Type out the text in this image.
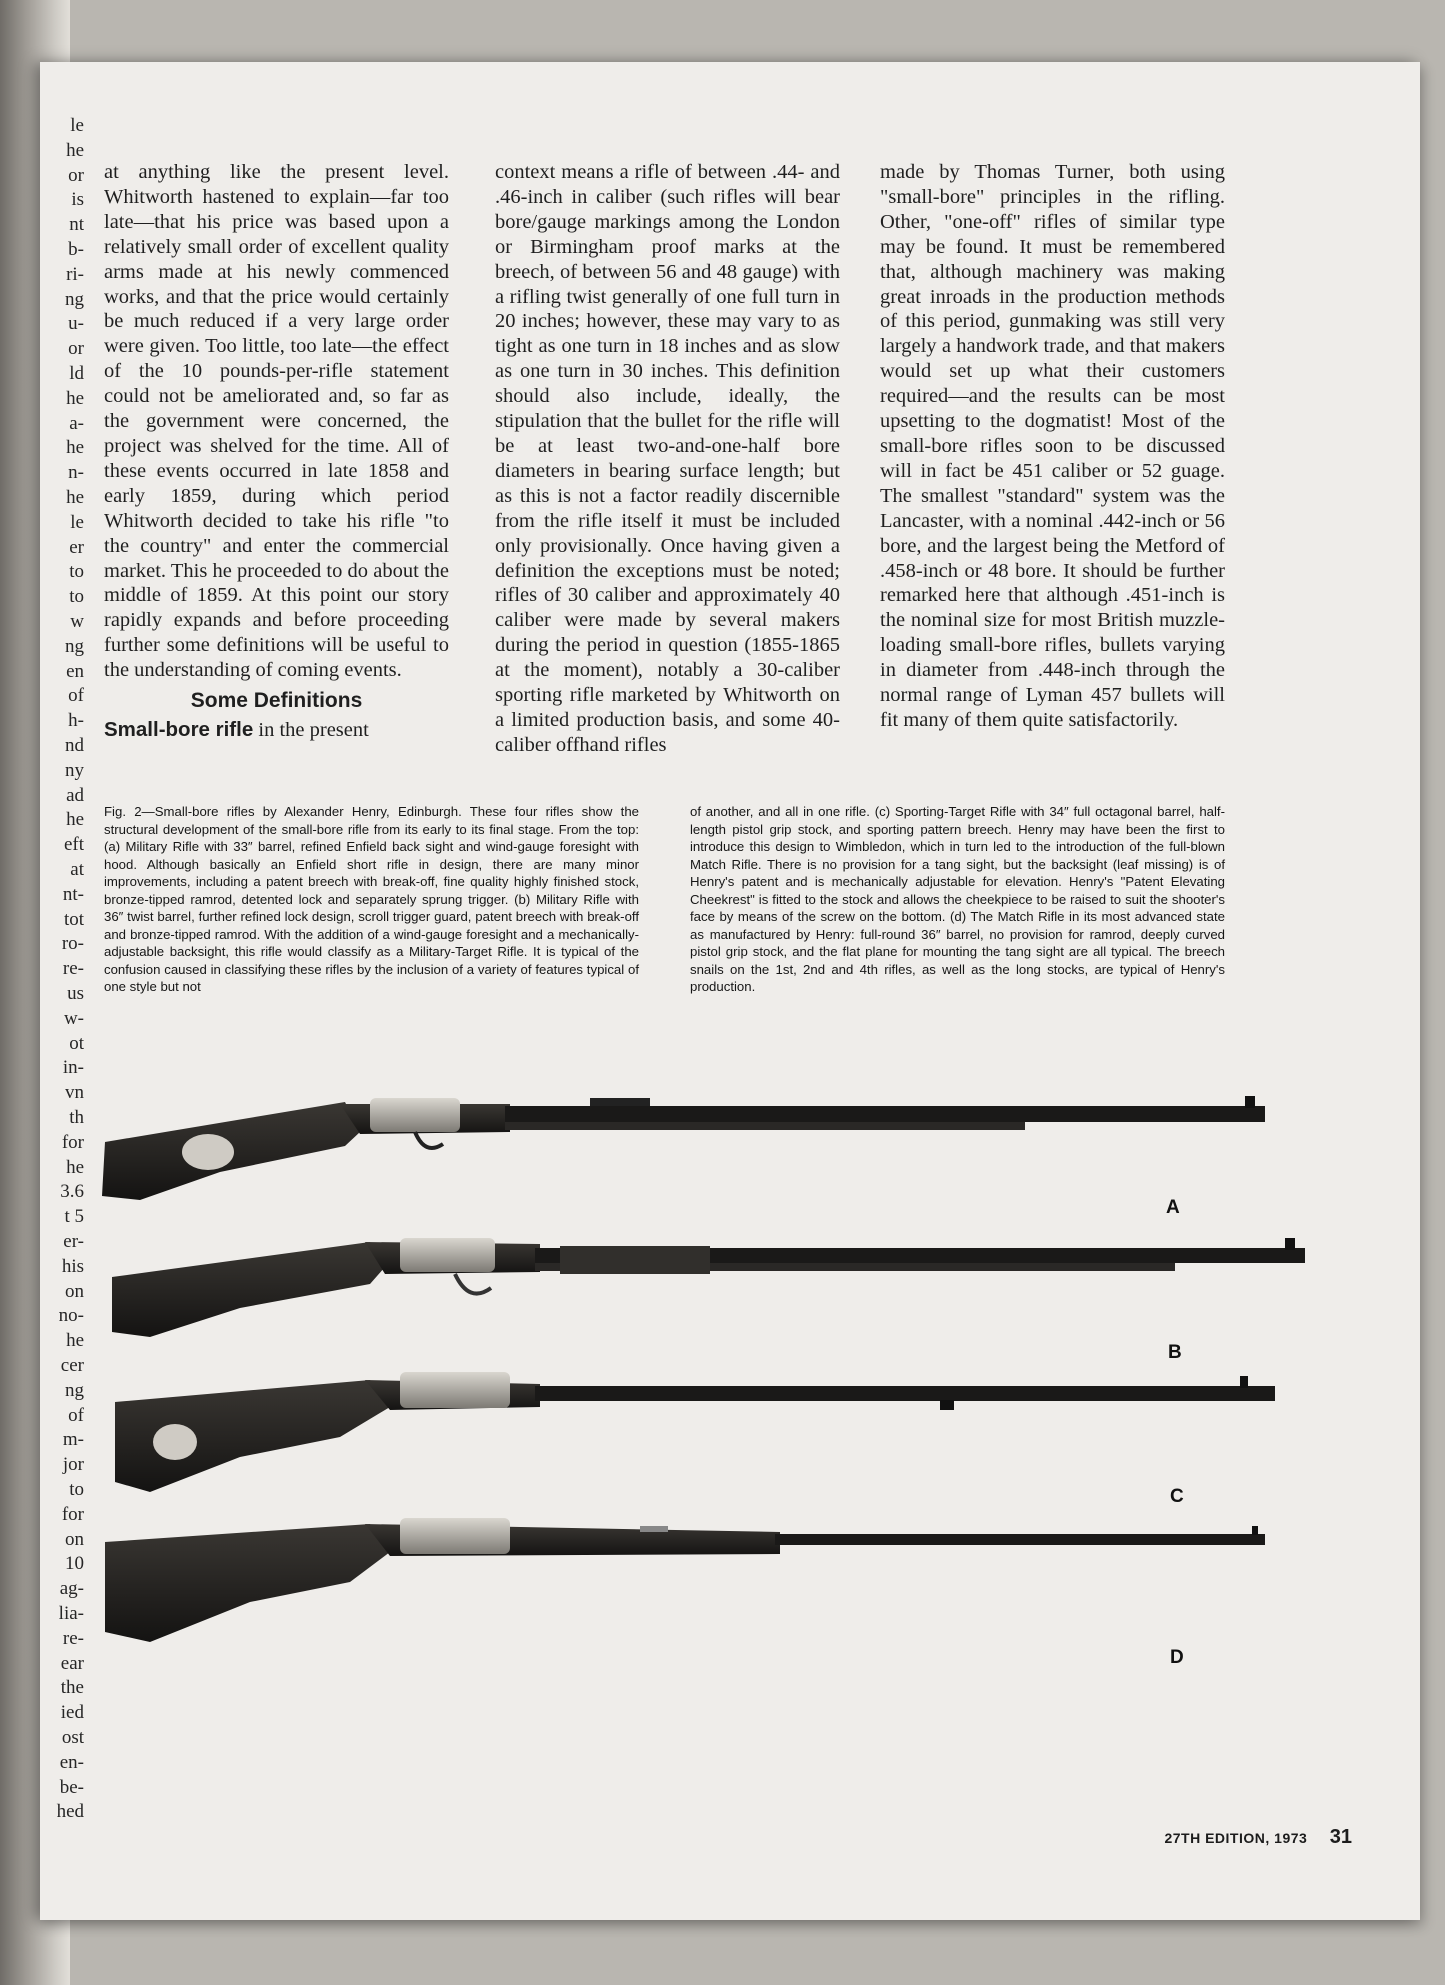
le
he
or
is
nt
b-
ri-
ng
u-
or
ld
he
a-
he
n-
he
le
er
to
to
w
ng
en
of
h-
nd
ny
ad
he
eft
at
nt-
tot
ro-
re-
us
w-
ot
in-
vn
th
for
he
3.6
t 5
er-
his
on
no-
he
cer
ng
of
m-
jor
to
for
on
10
ag-
lia-
re-
ear
the
ied
ost
en-
be-
hed

at anything like the present level. Whitworth hastened to explain—far too late—that his price was based upon a relatively small order of excellent quality arms made at his newly commenced works, and that the price would certainly be much reduced if a very large order were given. Too little, too late—the effect of the 10 pounds-per-rifle statement could not be ameliorated and, so far as the government were concerned, the project was shelved for the time. All of these events occurred in late 1858 and early 1859, during which period Whitworth decided to take his rifle "to the country" and enter the commercial market. This he proceeded to do about the middle of 1859. At this point our story rapidly expands and before proceeding further some definitions will be useful to the understanding of coming events.

Some Definitions

Small-bore rifle in the present

context means a rifle of between .44- and .46-inch in caliber (such rifles will bear bore/gauge markings among the London or Birmingham proof marks at the breech, of between 56 and 48 gauge) with a rifling twist generally of one full turn in 20 inches; however, these may vary to as tight as one turn in 18 inches and as slow as one turn in 30 inches. This definition should also include, ideally, the stipulation that the bullet for the rifle will be at least two-and-one-half bore diameters in bearing surface length; but as this is not a factor readily discernible from the rifle itself it must be included only provisionally. Once having given a definition the exceptions must be noted; rifles of 30 caliber and approximately 40 caliber were made by several makers during the period in question (1855-1865 at the moment), notably a 30-caliber sporting rifle marketed by Whitworth on a limited production basis, and some 40-caliber offhand rifles

made by Thomas Turner, both using "small-bore" principles in the rifling. Other, "one-off" rifles of similar type may be found. It must be remembered that, although machinery was making great inroads in the production methods of this period, gunmaking was still very largely a handwork trade, and that makers would set up what their customers required—and the results can be most upsetting to the dogmatist! Most of the small-bore rifles soon to be discussed will in fact be 451 caliber or 52 guage. The smallest "standard" system was the Lancaster, with a nominal .442-inch or 56 bore, and the largest being the Metford of .458-inch or 48 bore. It should be further remarked here that although .451-inch is the nominal size for most British muzzle-loading small-bore rifles, bullets varying in diameter from .448-inch through the normal range of Lyman 457 bullets will fit many of them quite satisfactorily.

Fig. 2—Small-bore rifles by Alexander Henry, Edinburgh. These four rifles show the structural development of the small-bore rifle from its early to its final stage. From the top: (a) Military Rifle with 33″ barrel, refined Enfield back sight and wind-gauge foresight with hood. Although basically an Enfield short rifle in design, there are many minor improvements, including a patent breech with break-off, fine quality highly finished stock, bronze-tipped ramrod, detented lock and separately sprung trigger. (b) Military Rifle with 36″ twist barrel, further refined lock design, scroll trigger guard, patent breech with break-off and bronze-tipped ramrod. With the addition of a wind-gauge foresight and a mechanically-adjustable backsight, this rifle would classify as a Military-Target Rifle. It is typical of the confusion caused in classifying these rifles by the inclusion of a variety of features typical of one style but not
of another, and all in one rifle. (c) Sporting-Target Rifle with 34″ full octagonal barrel, half-length pistol grip stock, and sporting pattern breech. Henry may have been the first to introduce this design to Wimbledon, which in turn led to the introduction of the full-blown Match Rifle. There is no provision for a tang sight, but the backsight (leaf missing) is of Henry's patent and is mechanically adjustable for elevation. Henry's "Patent Elevating Cheekrest" is fitted to the stock and allows the cheekpiece to be raised to suit the shooter's face by means of the screw on the bottom. (d) The Match Rifle in its most advanced state as manufactured by Henry: full-round 36″ barrel, no provision for ramrod, deeply curved pistol grip stock, and the flat plane for mounting the tang sight are all typical. The breech snails on the 1st, 2nd and 4th rifles, as well as the long stocks, are typical of Henry's production.
A
B
C
D
27TH EDITION, 1973 31
